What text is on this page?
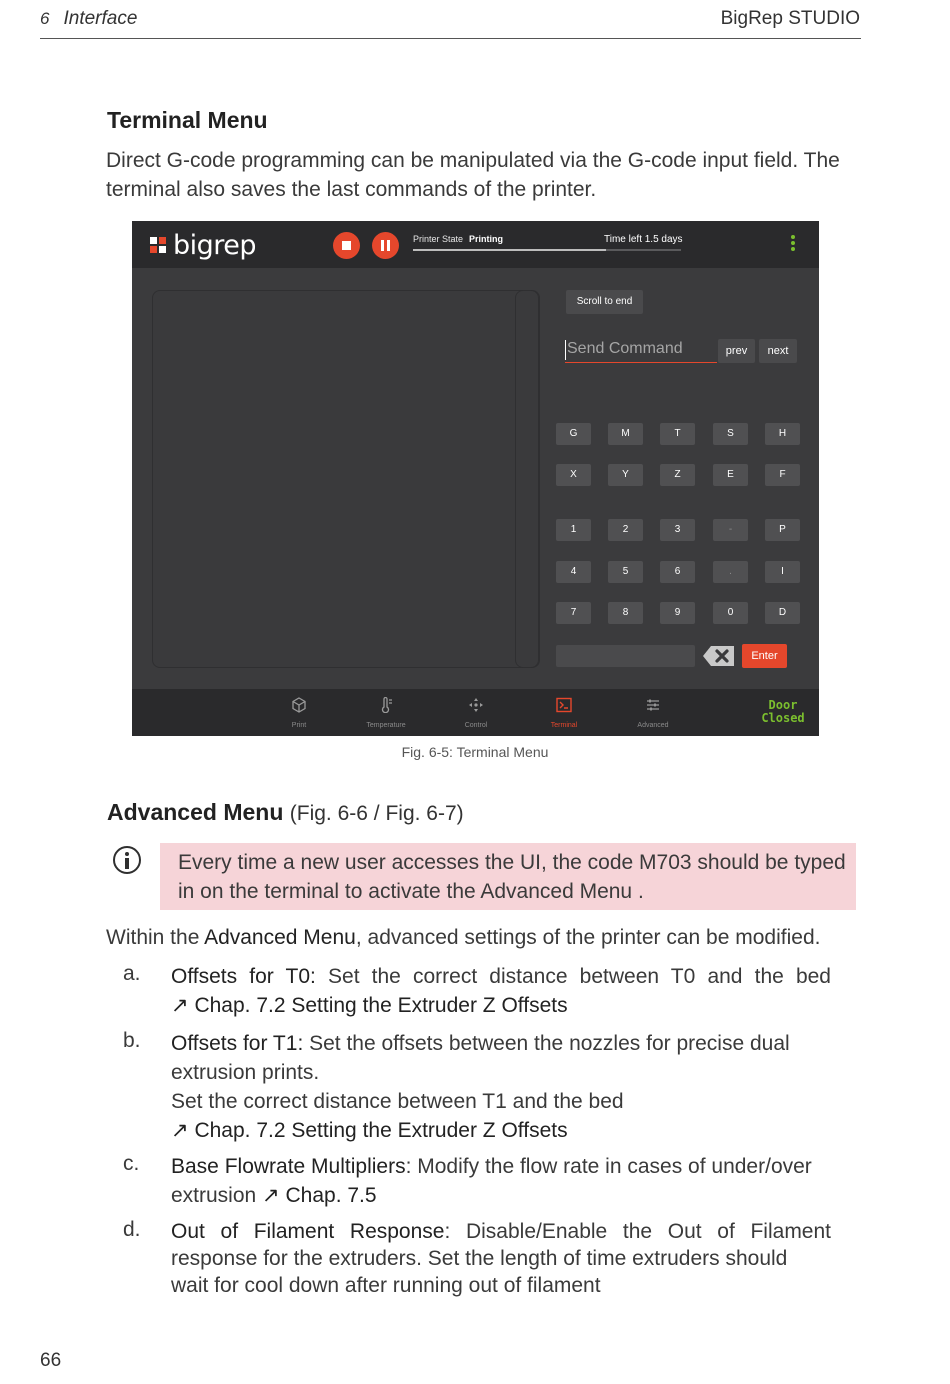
6 Interface	BigRep STUDIO
Terminal Menu
Direct G-code programming can be manipulated via the G-code input field. The
terminal also saves the last commands of the printer.
bigrep	Printer State Printing	Time left 1.5 days
Scroll to end
Send Command
prev	next
G	M	T	S	H
X	Y	Z	E	F
1	2	3	-	P
4	5	6	.	I
7	8	9	0	D
Enter
Print	Temperature	Control	Terminal	Advanced
Door
Closed
Fig. 6-5: Terminal Menu
Advanced Menu (Fig. 6-6 / Fig. 6-7)
Every time a new user accesses the UI, the code M703 should be typed
in on the terminal to activate the Advanced Menu .
Within the Advanced Menu, advanced settings of the printer can be modified.
a. Offsets for T0: Set the correct distance between T0 and the bed
↗ Chap. 7.2 Setting the Extruder Z Offsets
b. Offsets for T1: Set the offsets between the nozzles for precise dual
extrusion prints.
Set the correct distance between T1 and the bed
↗ Chap. 7.2 Setting the Extruder Z Offsets
c. Base Flowrate Multipliers: Modify the flow rate in cases of under/over
extrusion ↗ Chap. 7.5
d. Out of Filament Response: Disable/Enable the Out of Filament
response for the extruders. Set the length of time extruders should
wait for cool down after running out of filament
66
